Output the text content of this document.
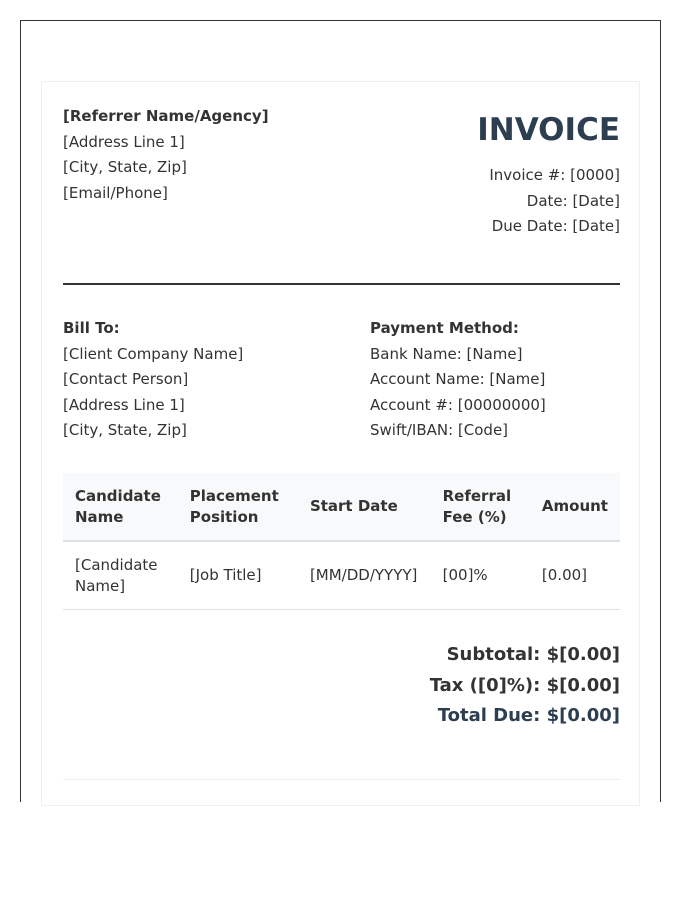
[Referrer Name/Agency]
[Address Line 1]
[City, State, Zip]
[Email/Phone]
INVOICE
Invoice #: [0000]
Date: [Date]
Due Date: [Date]
Bill To:
[Client Company Name]
[Contact Person]
[Address Line 1]
[City, State, Zip]
Payment Method:
Bank Name: [Name]
Account Name: [Name]
Account #: [00000000]
Swift/IBAN: [Code]
Candidate Name	Placement Position	Start Date	Referral Fee (%)	Amount
[Candidate Name]	[Job Title]	[MM/DD/YYYY]	[00]%	[0.00]
Subtotal: $[0.00]
Tax ([0]%): $[0.00]
Total Due: $[0.00]
